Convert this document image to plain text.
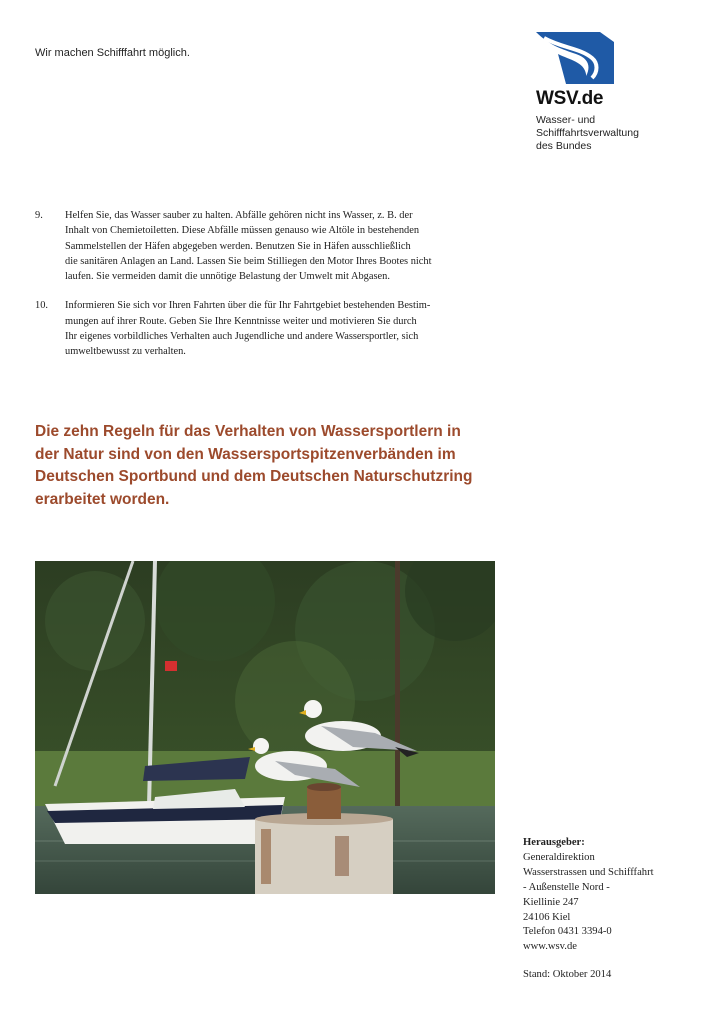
Wir machen Schifffahrt möglich.
WSV.de
Wasser- und
Schifffahrtsverwaltung
des Bundes
9.	Helfen Sie, das Wasser sauber zu halten. Abfälle gehören nicht ins Wasser, z. B. der
Inhalt von Chemietoiletten. Diese Abfälle müssen genauso wie Altöle in bestehenden
Sammelstellen der Häfen abgegeben werden. Benutzen Sie in Häfen ausschließlich
die sanitären Anlagen an Land. Lassen Sie beim Stilliegen den Motor Ihres Bootes nicht
laufen. Sie vermeiden damit die unnötige Belastung der Umwelt mit Abgasen.
10.	Informieren Sie sich vor Ihren Fahrten über die für Ihr Fahrtgebiet bestehenden Bestim-
mungen auf ihrer Route. Geben Sie Ihre Kenntnisse weiter und motivieren Sie durch
Ihr eigenes vorbildliches Verhalten auch Jugendliche und andere Wassersportler, sich
umweltbewusst zu verhalten.
Die zehn Regeln für das Verhalten von Wassersportlern in
der Natur sind von den Wassersportspitzenverbänden im
Deutschen Sportbund und dem Deutschen Naturschutzring
erarbeitet worden.
Herausgeber:
Generaldirektion
Wasserstrassen und Schifffahrt
- Außenstelle Nord -
Kiellinie 247
24106 Kiel
Telefon 0431 3394-0
www.wsv.de
Stand: Oktober 2014
